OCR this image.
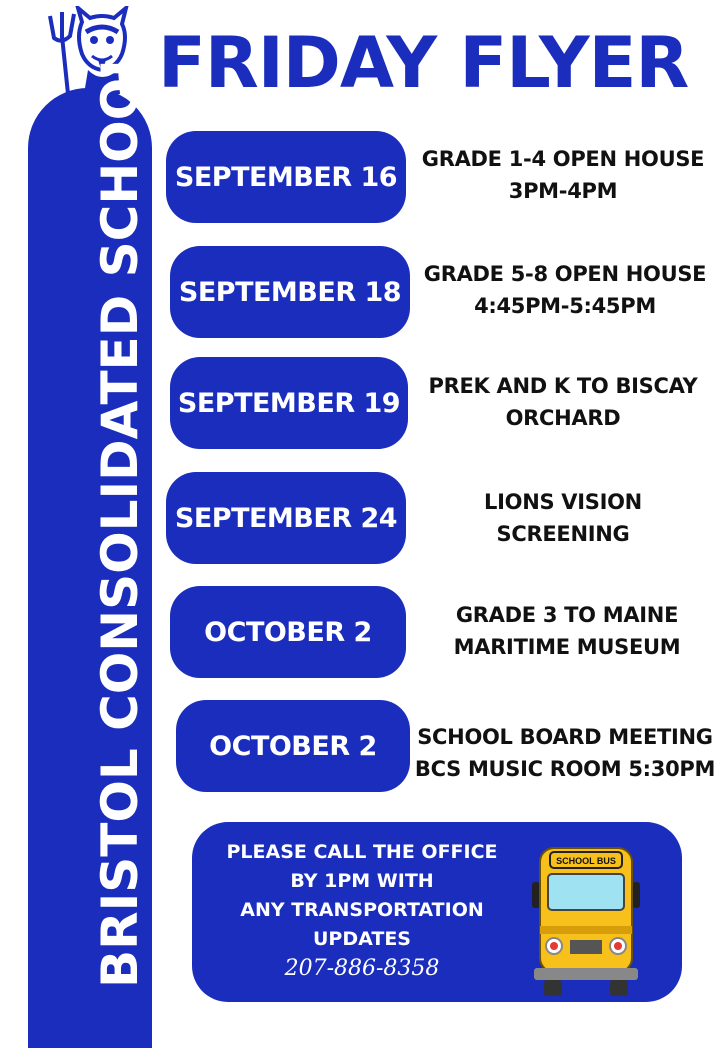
FRIDAY FLYER
BRISTOL CONSOLIDATED SCHOOL SEPTEMBER 16
GRADE 1-4 OPEN HOUSE
3PM-4PM
SEPTEMBER 18
GRADE 5-8 OPEN HOUSE
4:45PM-5:45PM
SEPTEMBER 19
PREK AND K TO BISCAY
ORCHARD
SEPTEMBER 24
LIONS VISION
SCREENING
OCTOBER 2
GRADE 3 TO MAINE
MARITIME MUSEUM
OCTOBER 2	SCHOOL BOARD MEETING
BCS MUSIC ROOM 5:30PM
PLEASE CALL THE OFFICE
BY 1PM WITH
ANY TRANSPORTATION
UPDATES
207-886-8358
SCHOOL BUS
